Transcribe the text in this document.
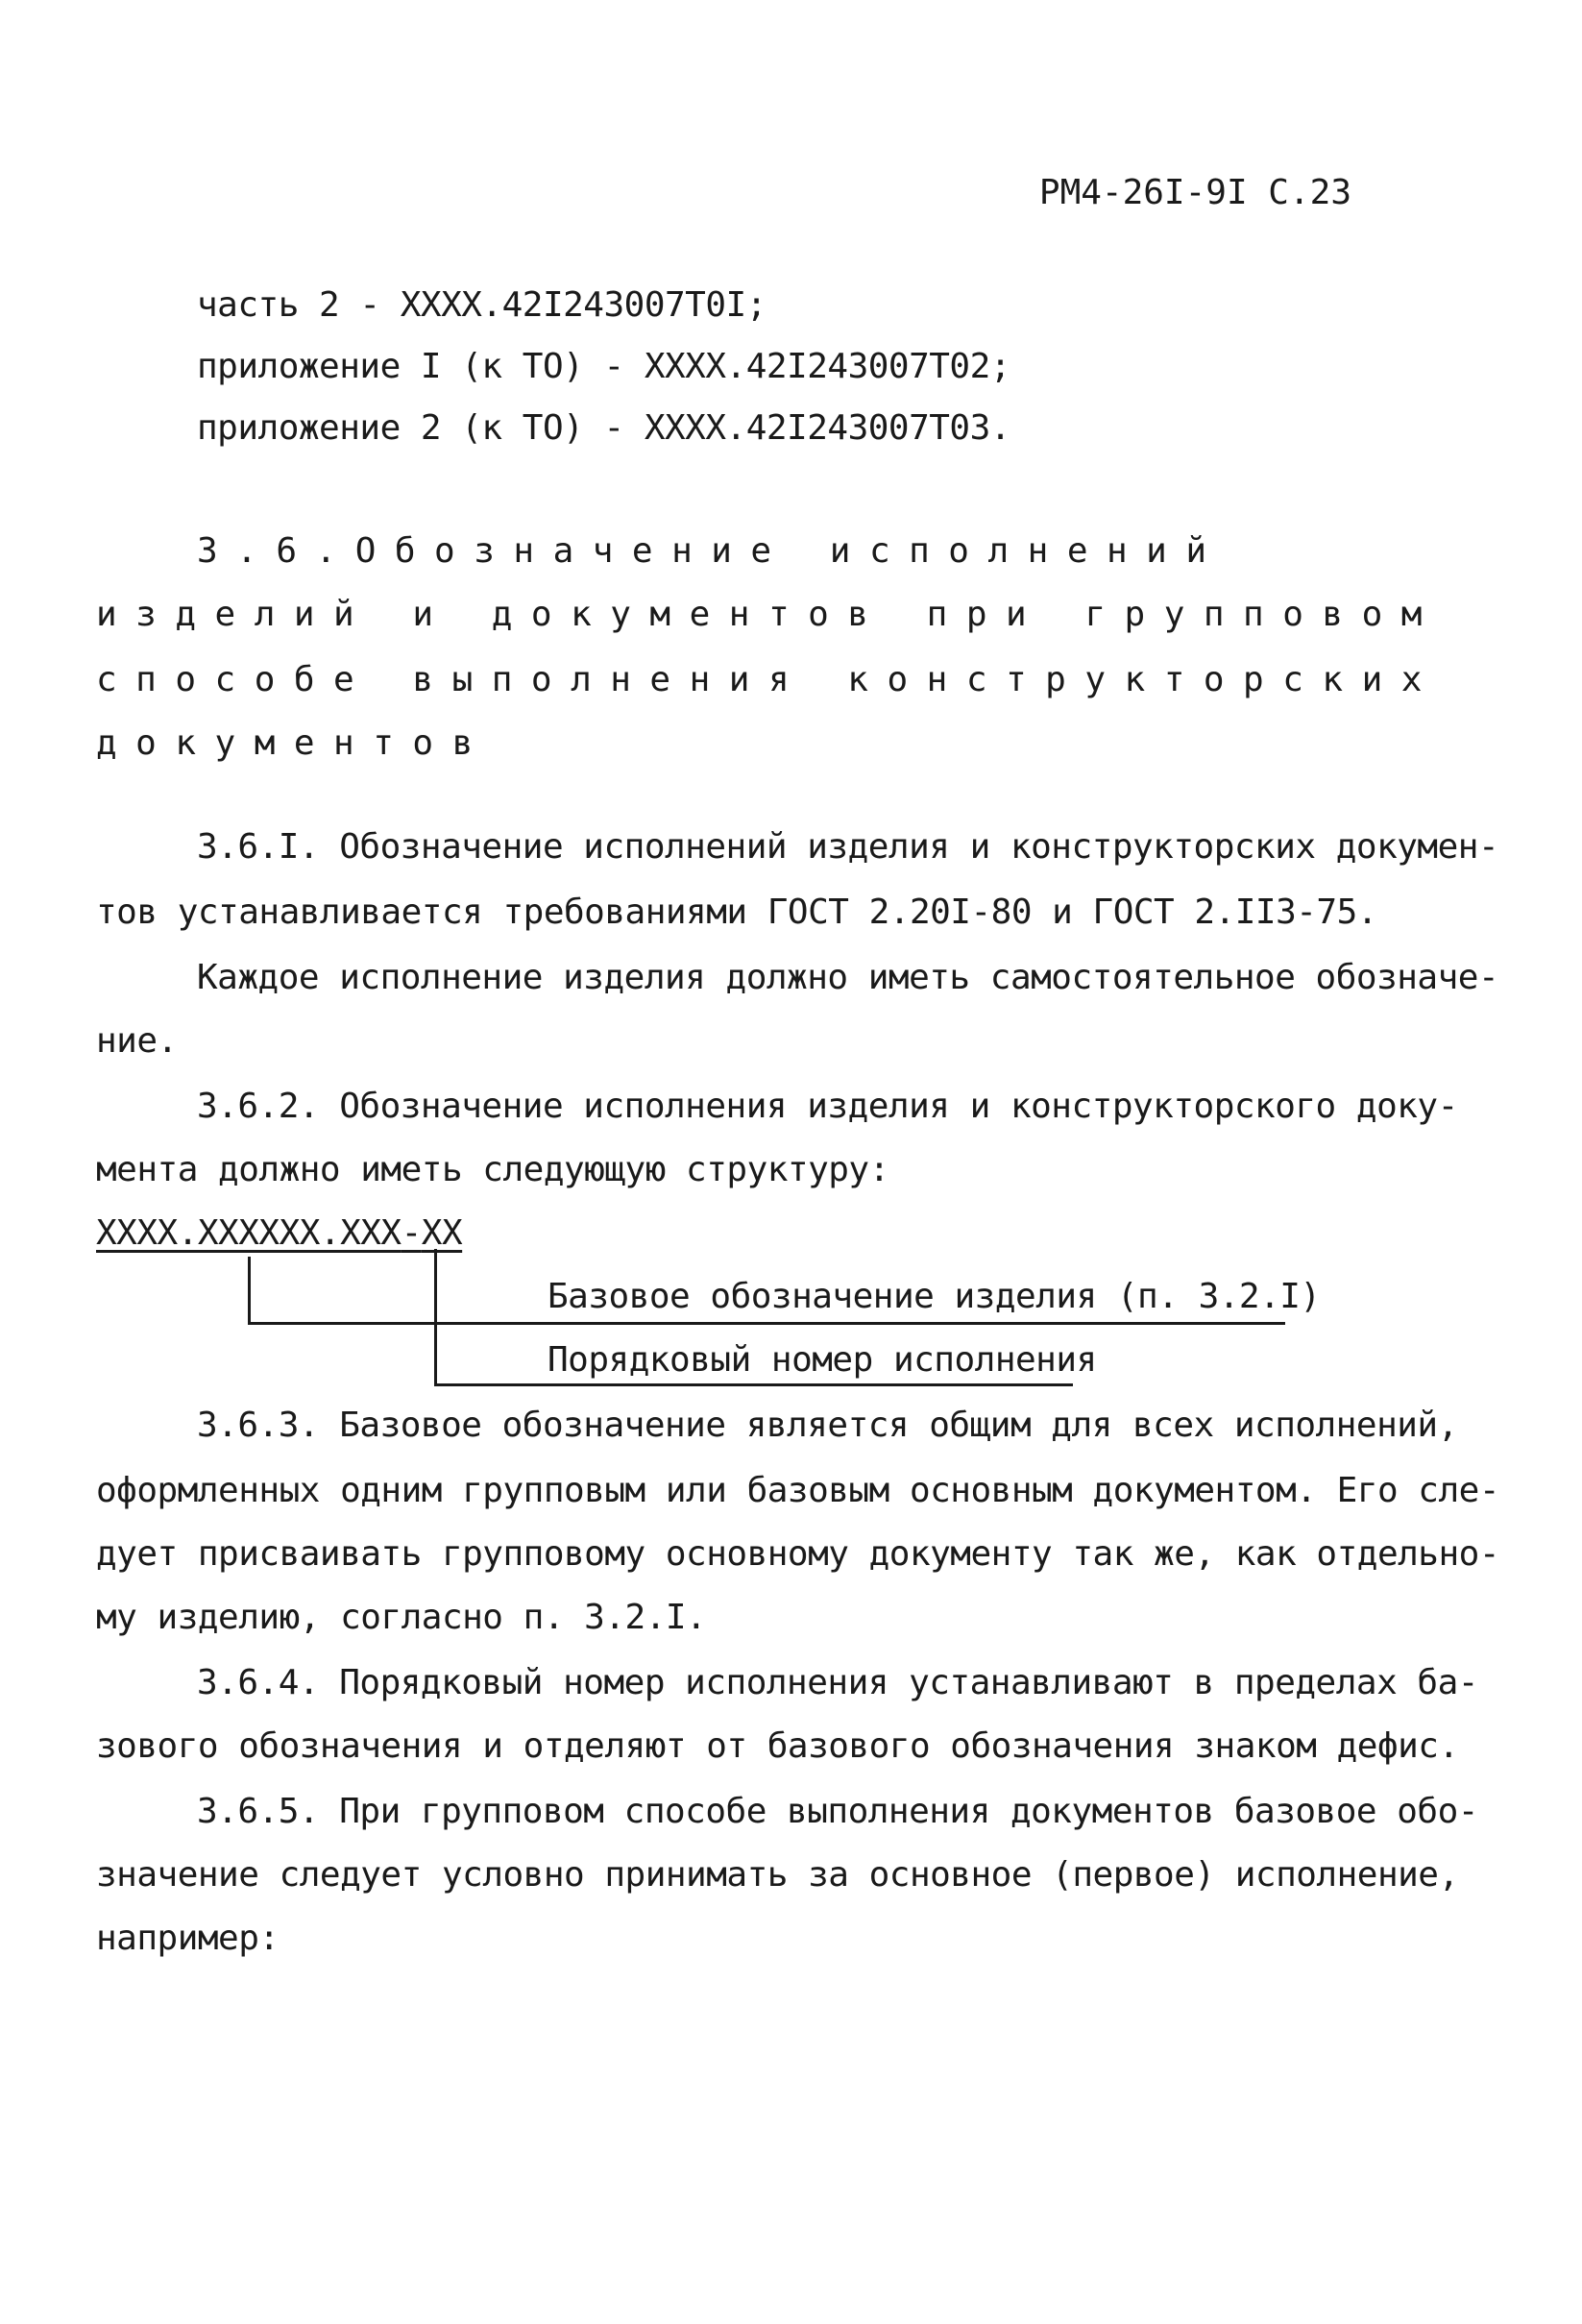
РМ4-26I-9I С.23
часть 2 - ХХХХ.42I243007Т0I;
приложение I (к ТО) - ХХХХ.42I243007Т02;
приложение 2 (к ТО) - ХХХХ.42I243007Т03.
3.6.Обозначение исполнений
изделий и документов при групповом
способе выполнения конструкторских
документов
3.6.I. Обозначение исполнений изделия и конструкторских докумен-
тов устанавливается требованиями ГОСТ 2.20I-80 и ГОСТ 2.II3-75.
Каждое исполнение изделия должно иметь самостоятельное обозначе-
ние.
3.6.2. Обозначение исполнения изделия и конструкторского доку-
мента должно иметь следующую структуру:
ХХХХ.ХХХХХХ.ХХХ-ХХ
Базовое обозначение изделия (п. 3.2.I)
Порядковый номер исполнения
3.6.3. Базовое обозначение является общим для всех исполнений,
оформленных одним групповым или базовым основным документом. Его сле-
дует присваивать групповому основному документу так же, как отдельно-
му изделию, согласно п. 3.2.I.
3.6.4. Порядковый номер исполнения устанавливают в пределах ба-
зового обозначения и отделяют от базового обозначения знаком дефис.
3.6.5. При групповом способе выполнения документов базовое обо-
значение следует условно принимать за основное (первое) исполнение,
например:
